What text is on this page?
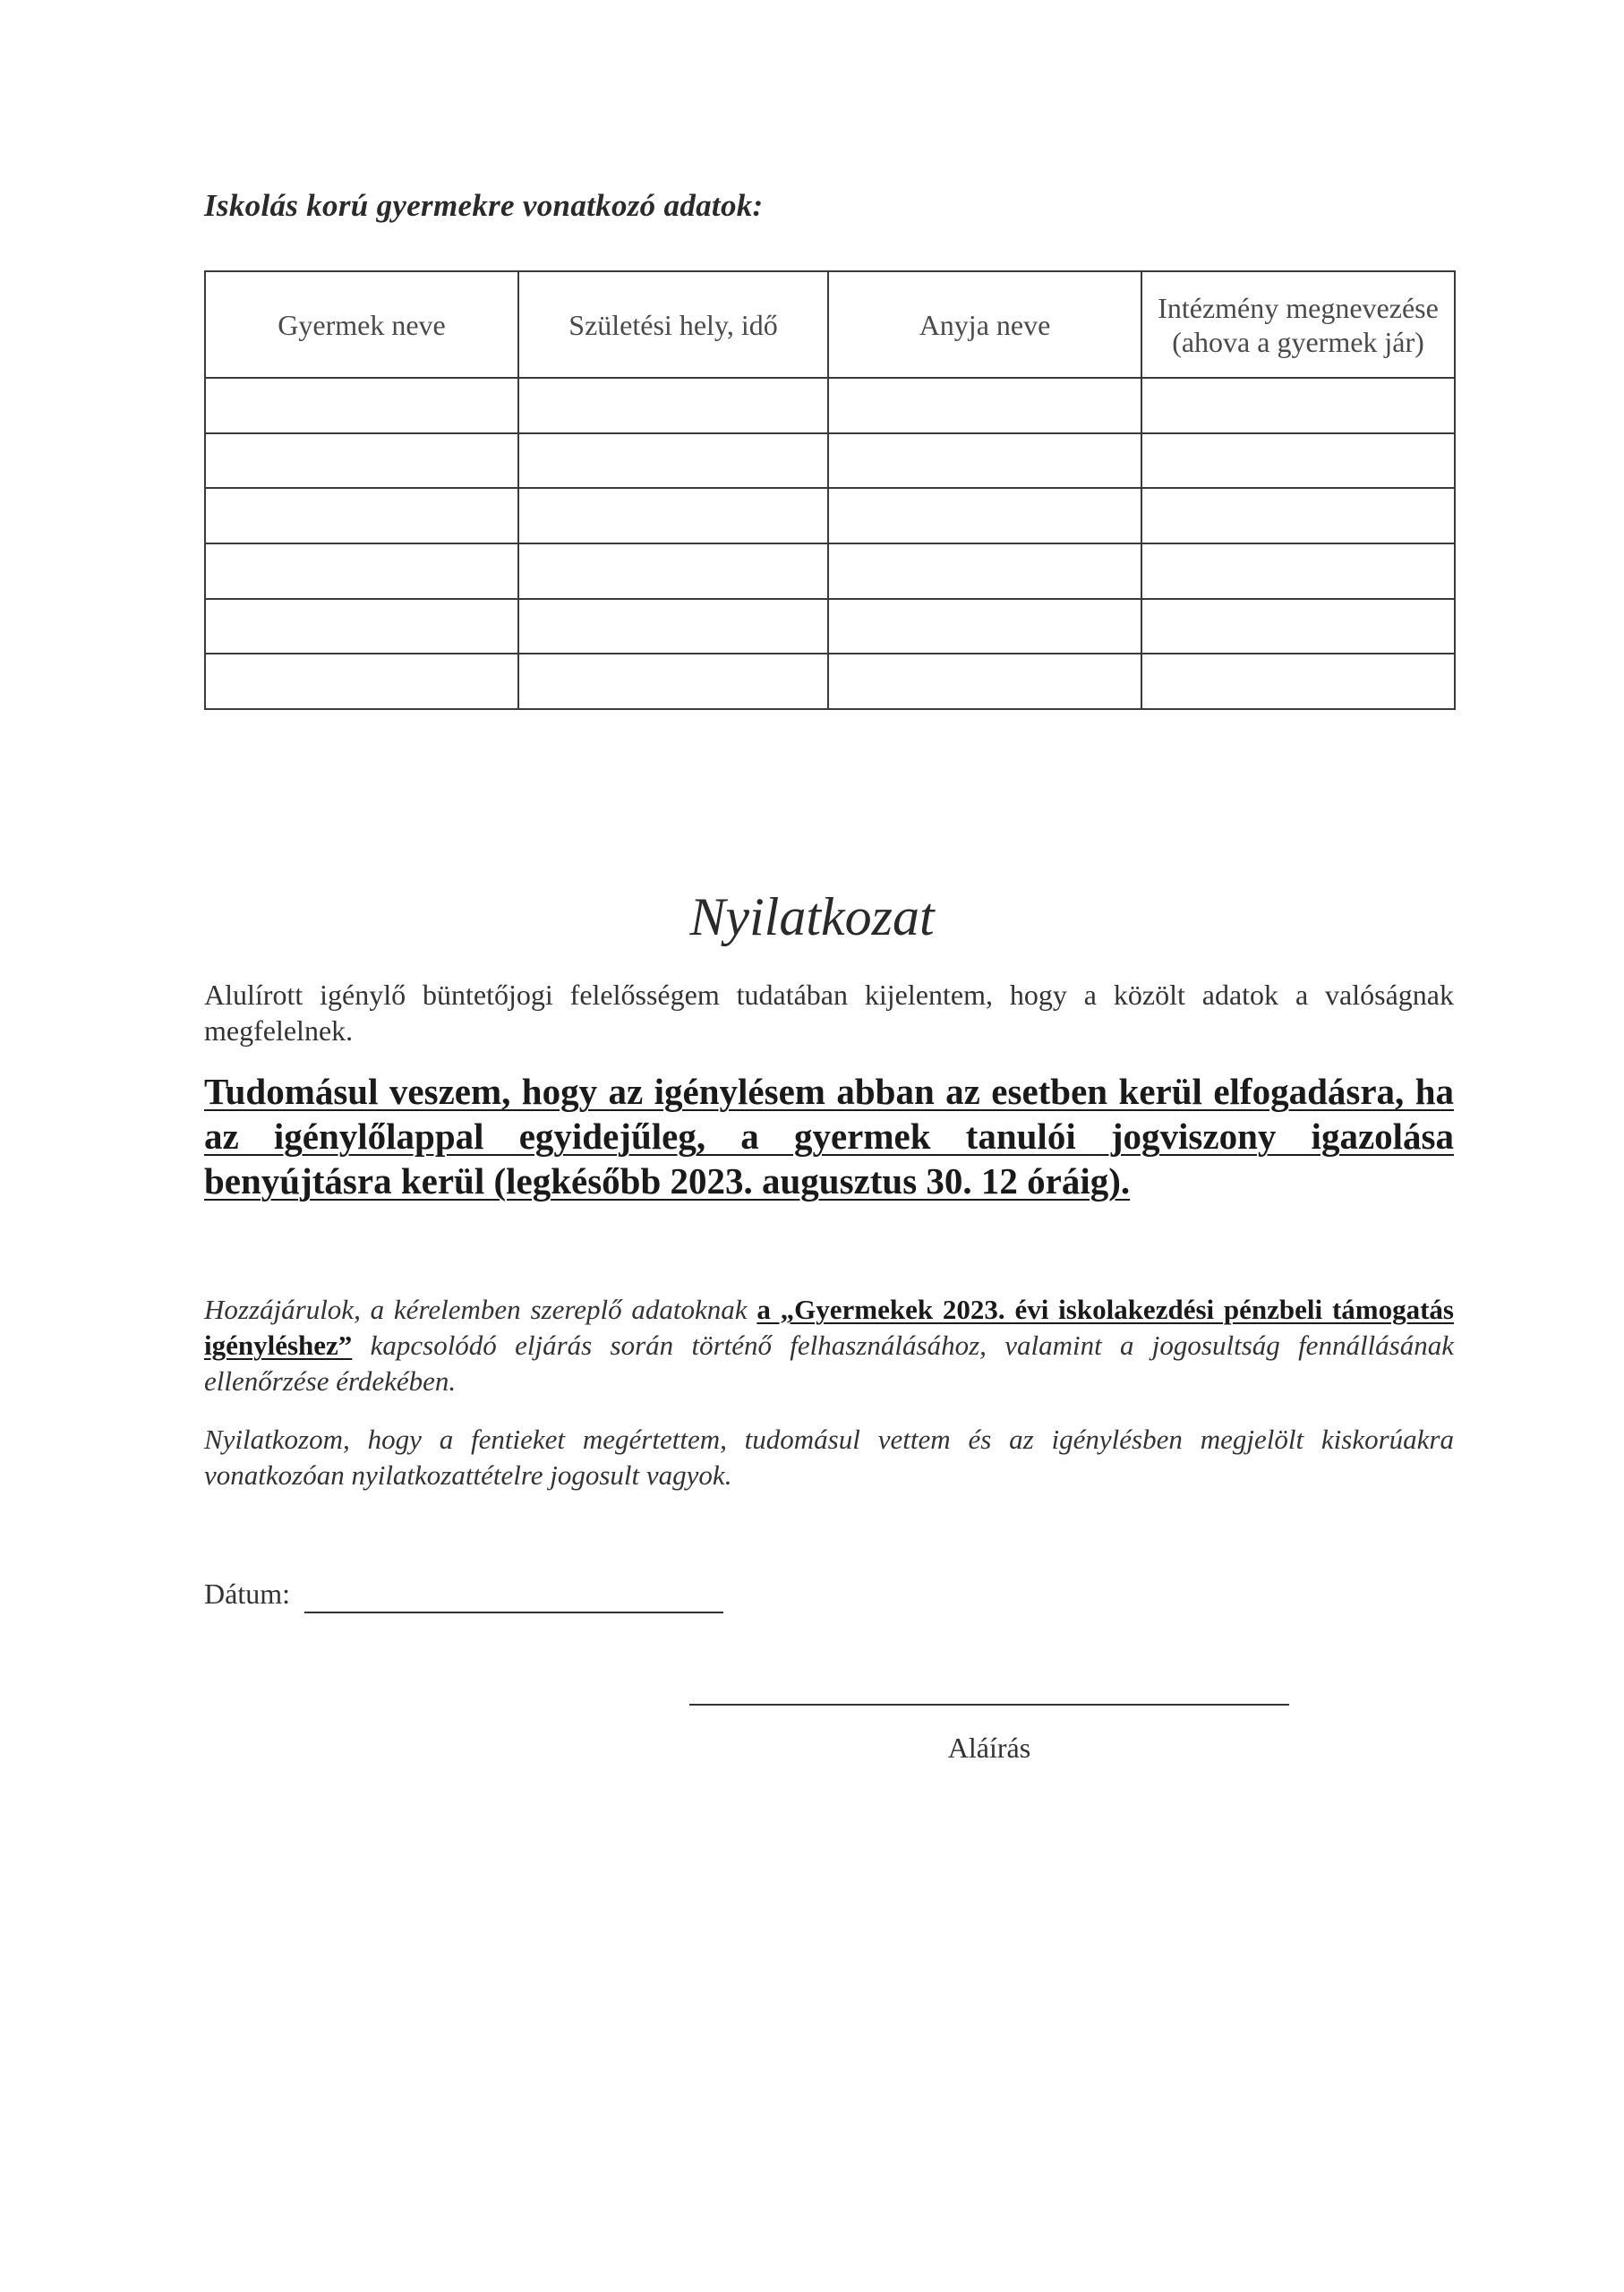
Iskolás korú gyermekre vonatkozó adatok:
Gyermek neve	Születési hely, idő	Anyja neve	Intézmény megnevezése (ahova a gyermek jár)

Nyilatkozat
Alulírott igénylő büntetőjogi felelősségem tudatában kijelentem, hogy a közölt adatok a valóságnak megfelelnek.
Tudomásul veszem, hogy az igénylésem abban az esetben kerül elfogadásra, ha az igénylőlappal egyidejűleg, a gyermek tanulói jogviszony igazolása benyújtásra kerül (legkésőbb 2023. augusztus 30. 12 óráig).
Hozzájárulok, a kérelemben szereplő adatoknak a „Gyermekek 2023. évi iskolakezdési pénzbeli támogatás igényléshez” kapcsolódó eljárás során történő felhasználásához, valamint a jogosultság fennállásának ellenőrzése érdekében.
Nyilatkozom, hogy a fentieket megértettem, tudomásul vettem és az igénylésben megjelölt kiskorúakra vonatkozóan nyilatkozattételre jogosult vagyok.
Dátum:
Aláírás
